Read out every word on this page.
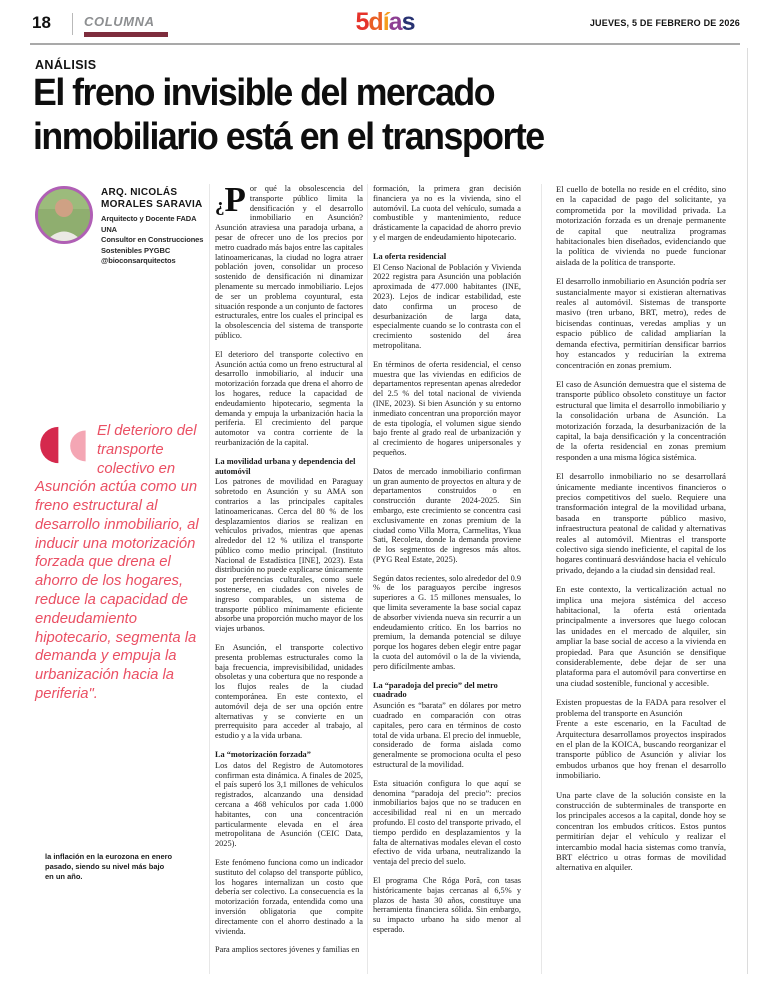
18	COLUMNA	5días	JUEVES, 5 DE FEBRERO DE 2026
ANÁLISIS
El freno invisible del mercado inmobiliario está en el transporte
ARQ. NICOLÁS
MORALES SARAVIA
Arquitecto y Docente FADA UNA
Consultor en Construcciones
Sostenibles PYGBC
@bioconsarquitectos
El deterioro del transporte colectivo en Asunción actúa como un freno estructural al desarrollo inmobiliario, al inducir una motorización forzada que drena el ahorro de los hogares, reduce la capacidad de endeudamiento hipotecario, segmenta la demanda y empuja la urbanización hacia la periferia".
la inflación en la eurozona en enero pasado, siendo su nivel más bajo en un año.

¿P or qué la obsolescencia del transporte público limita la densificación y el desarrollo inmobiliario en Asunción? Asunción atraviesa una paradoja urbana, a pesar de ofrecer uno de los precios por metro cuadrado más bajos entre las capitales latinoamericanas, la ciudad no logra atraer población joven, consolidar un proceso sostenido de densificación ni dinamizar plenamente su mercado inmobiliario. Lejos de ser un problema coyuntural, esta situación responde a un conjunto de factores estructurales, entre los cuales el principal es la obsolescencia del sistema de transporte público.

El deterioro del transporte colectivo en Asunción actúa como un freno estructural al desarrollo inmobiliario, al inducir una motorización forzada que drena el ahorro de los hogares, reduce la capacidad de endeudamiento hipotecario, segmenta la demanda y empuja la urbanización hacia la periferia. El crecimiento del parque automotor va contra corriente de la reurbanización de la capital.

La movilidad urbana y dependencia del automóvil

Los patrones de movilidad en Paraguay sobretodo en Asunción y su AMA son contrarios a las principales capitales latinoamericanas. Cerca del 80 % de los desplazamientos diarios se realizan en vehículos privados, mientras que apenas alrededor del 12 % utiliza el transporte público como medio principal. (Instituto Nacional de Estadística [INE], 2023). Esta distribución no puede explicarse únicamente por preferencias culturales, como suele sostenerse, en ciudades con niveles de ingreso comparables, un sistema de transporte público mínimamente eficiente absorbe una proporción mucho mayor de los viajes urbanos.

En Asunción, el transporte colectivo presenta problemas estructurales como la baja frecuencia, imprevisibilidad, unidades obsoletas y una cobertura que no responde a los flujos reales de la ciudad contemporánea. En este contexto, el automóvil deja de ser una opción entre alternativas y se convierte en un prerrequisito para acceder al trabajo, al estudio y a la vida urbana.

La “motorización forzada”

Los datos del Registro de Automotores confirman esta dinámica. A finales de 2025, el país superó los 3,1 millones de vehículos registrados, alcanzando una densidad cercana a 468 vehículos por cada 1.000 habitantes, con una concentración particularmente elevada en el área metropolitana de Asunción (CEIC Data, 2025).

Este fenómeno funciona como un indicador sustituto del colapso del transporte público, los hogares internalizan un costo que debería ser colectivo. La consecuencia es la motorización forzada, entendida como una inversión obligatoria que compite directamente con el ahorro destinado a la vivienda.

Para amplios sectores jóvenes y familias en

formación, la primera gran decisión financiera ya no es la vivienda, sino el automóvil. La cuota del vehículo, sumada a combustible y mantenimiento, reduce drásticamente la capacidad de ahorro previo y el margen de endeudamiento hipotecario.

La oferta residencial

El Censo Nacional de Población y Vivienda 2022 registra para Asunción una población aproximada de 477.000 habitantes (INE, 2023). Lejos de indicar estabilidad, este dato confirma un proceso de desurbanización de larga data, especialmente cuando se lo contrasta con el crecimiento sostenido del área metropolitana.

En términos de oferta residencial, el censo muestra que las viviendas en edificios de departamentos representan apenas alrededor del 2.5 % del total nacional de vivienda (INE, 2023). Si bien Asunción y su entorno inmediato concentran una proporción mayor de esta tipología, el volumen sigue siendo bajo frente al grado real de urbanización y al crecimiento de hogares unipersonales y pequeños.

Datos de mercado inmobiliario confirman un gran aumento de proyectos en altura y de departamentos construidos o en construcción durante 2024-2025. Sin embargo, este crecimiento se concentra casi exclusivamente en zonas premium de la ciudad como Villa Morra, Carmelitas, Ykua Sati, Recoleta, donde la demanda proviene de los segmentos de ingresos más altos. (PYG Real Estate, 2025).

Según datos recientes, solo alrededor del 0.9 % de los paraguayos percibe ingresos superiores a G. 15 millones mensuales, lo que limita severamente la base social capaz de absorber vivienda nueva sin recurrir a un endeudamiento crítico. En los barrios no premium, la demanda potencial se diluye porque los hogares deben elegir entre pagar la cuota del automóvil o la de la vivienda, pero difícilmente ambas.

La “paradoja del precio” del metro cuadrado

Asunción es “barata” en dólares por metro cuadrado en comparación con otras capitales, pero cara en términos de costo total de vida urbana. El precio del inmueble, considerado de forma aislada como generalmente se promociona oculta el peso estructural de la movilidad.

Esta situación configura lo que aquí se denomina “paradoja del precio”: precios inmobiliarios bajos que no se traducen en accesibilidad real ni en un mercado profundo. El costo del transporte privado, el tiempo perdido en desplazamientos y la falta de alternativas modales elevan el costo efectivo de vida urbana, neutralizando la ventaja del precio del suelo.

El programa Che Róga Porã, con tasas históricamente bajas cercanas al 6,5% y plazos de hasta 30 años, constituye una herramienta financiera sólida. Sin embargo, su impacto urbano ha sido menor al esperado.

El cuello de botella no reside en el crédito, sino en la capacidad de pago del solicitante, ya comprometida por la movilidad privada. La motorización forzada es un drenaje permanente de capital que neutraliza programas habitacionales bien diseñados, evidenciando que la política de vivienda no puede funcionar aislada de la política de transporte.

El desarrollo inmobiliario en Asunción podría ser sustancialmente mayor si existieran alternativas reales al automóvil. Sistemas de transporte masivo (tren urbano, BRT, metro), redes de bicisendas continuas, veredas amplias y un espacio público de calidad ampliarían la demanda efectiva, permitirían densificar barrios hoy estancados y reducirían la extrema concentración en zonas premium.

El caso de Asunción demuestra que el sistema de transporte público obsoleto constituye un factor estructural que limita el desarrollo inmobiliario y la consolidación urbana de Asunción. La motorización forzada, la desurbanización de la capital, la baja densificación y la concentración de la oferta residencial en zonas premium responden a una misma lógica sistémica.

El desarrollo inmobiliario no se desarrollará únicamente mediante incentivos financieros o precios competitivos del suelo. Requiere una transformación integral de la movilidad urbana, basada en transporte público masivo, infraestructura peatonal de calidad y alternativas reales al automóvil. Mientras el transporte colectivo siga siendo ineficiente, el capital de los hogares continuará desviándose hacia el vehículo privado, dejando a la ciudad sin densidad real.

En este contexto, la verticalización actual no implica una mejora sistémica del acceso habitacional, la oferta está orientada principalmente a inversores que luego colocan las unidades en el mercado de alquiler, sin ampliar la base social de acceso a la vivienda en propiedad. Para que Asunción se densifique considerablemente, debe dejar de ser una plataforma para el automóvil para convertirse en una ciudad sostenible, funcional y accesible.

Existen propuestas de la FADA para resolver el problema del transporte en Asunción

Frente a este escenario, en la Facultad de Arquitectura desarrollamos proyectos inspirados en el plan de la KOICA, buscando reorganizar el transporte público de Asunción y aliviar los embudos urbanos que hoy frenan el desarrollo inmobiliario.

Una parte clave de la solución consiste en la construcción de subterminales de transporte en los principales accesos a la capital, donde hoy se concentran los embudos críticos. Estos puntos permitirían dejar el vehículo y realizar el intercambio modal hacia sistemas como tranvía, BRT eléctrico u otras formas de movilidad alternativa en alquiler.
